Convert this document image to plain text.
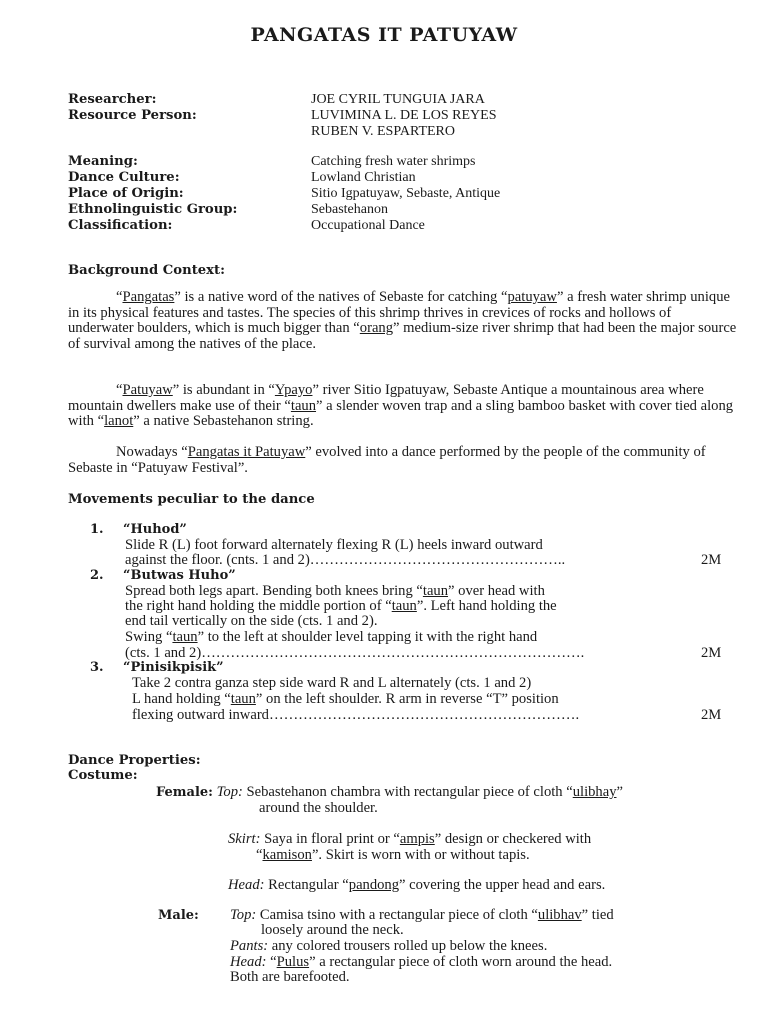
PANGATAS IT PATUYAW
Researcher:	JOE CYRIL TUNGUIA JARA
Resource Person:	LUVIMINA L. DE LOS REYES
RUBEN V. ESPARTERO
Meaning:	Catching fresh water shrimps
Dance Culture:	Lowland Christian
Place of Origin:	Sitio Igpatuyaw, Sebaste, Antique
Ethnolinguistic Group:	Sebastehanon
Classification:	Occupational Dance
Background Context:

“Pangatas” is a native word of the natives of Sebaste for catching “patuyaw” a fresh water shrimp unique in its physical features and tastes. The species of this shrimp thrives in crevices of rocks and hollows of underwater boulders, which is much bigger than “orang” medium-size river shrimp that had been the major source of survival among the natives of the place.

“Patuyaw” is abundant in “Ypayo” river Sitio Igpatuyaw, Sebaste Antique a mountainous area where mountain dwellers make use of their “taun” a slender woven trap and a sling bamboo basket with cover tied along with “lanot” a native Sebastehanon string.

Nowadays “Pangatas it Patuyaw” evolved into a dance performed by the people of the community of Sebaste in “Patuyaw Festival”.

Movements peculiar to the dance
1. “Huhod”
Slide R (L) foot forward alternately flexing R (L) heels inward outward
against the floor. (cnts. 1 and 2)……………………………………………..	2M
2. “Butwas Huho”
Spread both legs apart. Bending both knees bring “taun” over head with
the right hand holding the middle portion of “taun”. Left hand holding the
end tail vertically on the side (cts. 1 and 2).
Swing “taun” to the left at shoulder level tapping it with the right hand
(cts. 1 and 2)…………………………………………………………………….	2M
3. “Pinisikpisik”
Take 2 contra ganza step side ward R and L alternately (cts. 1 and 2)
L hand holding “taun” on the left shoulder. R arm in reverse “T” position
flexing outward inward……………………………………………………….	2M
Dance Properties:
Costume:
Female: Top: Sebastehanon chambra with rectangular piece of cloth “ulibhay”
around the shoulder.
Skirt: Saya in floral print or “ampis” design or checkered with
“kamison”. Skirt is worn with or without tapis.
Head: Rectangular “pandong” covering the upper head and ears.
Male: Top: Camisa tsino with a rectangular piece of cloth “ulibhav” tied
loosely around the neck.
Pants: any colored trousers rolled up below the knees.
Head: “Pulus” a rectangular piece of cloth worn around the head.
Both are barefooted.
